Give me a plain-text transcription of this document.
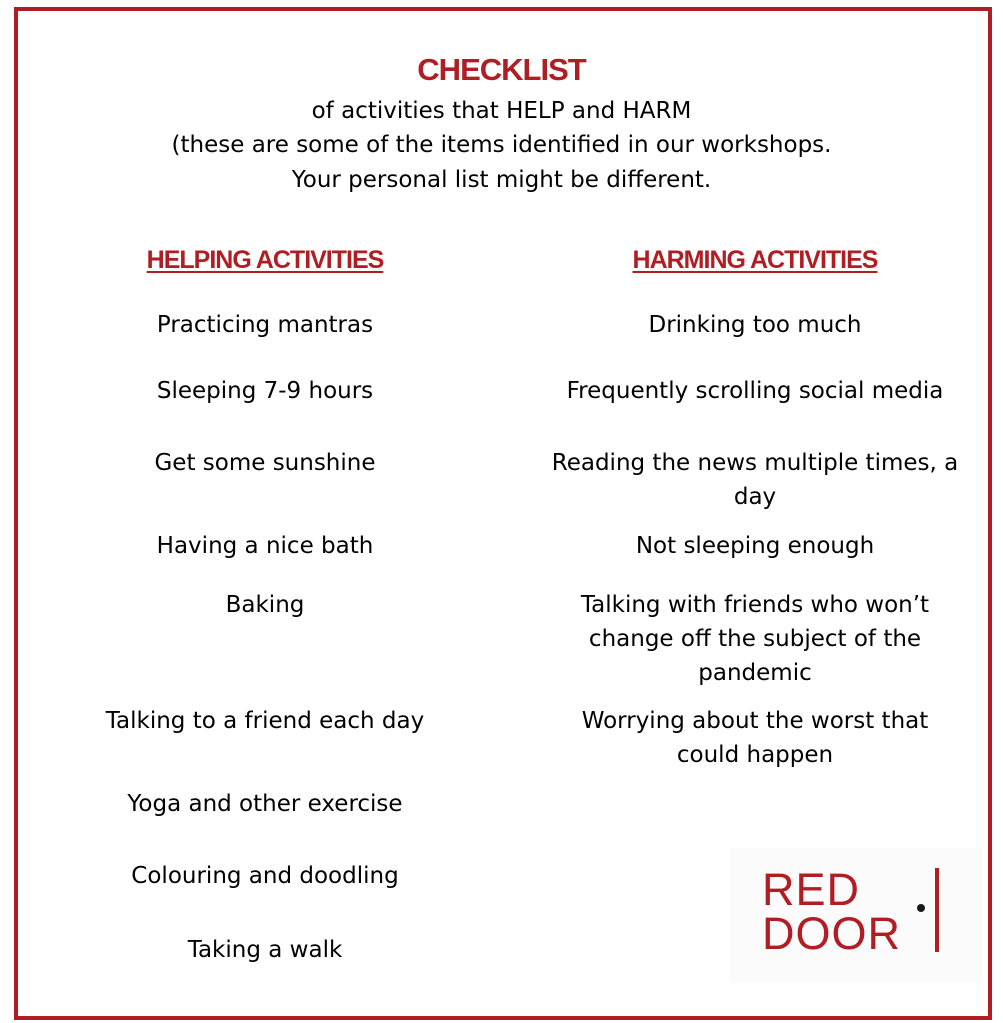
CHECKLIST
of activities that HELP and HARM
(these are some of the items identified in our workshops.
Your personal list might be different.
HELPING ACTIVITIES	HARMING ACTIVITIES
Practicing mantras
Sleeping 7-9 hours
Get some sunshine
Having a nice bath
Baking
Talking to a friend each day
Yoga and other exercise
Colouring and doodling
Taking a walk
Drinking too much
Frequently scrolling social media
Reading the news multiple times, a day
Not sleeping enough
Talking with friends who won’t change off the subject of the pandemic
Worrying about the worst that could happen
RED
DOOR
